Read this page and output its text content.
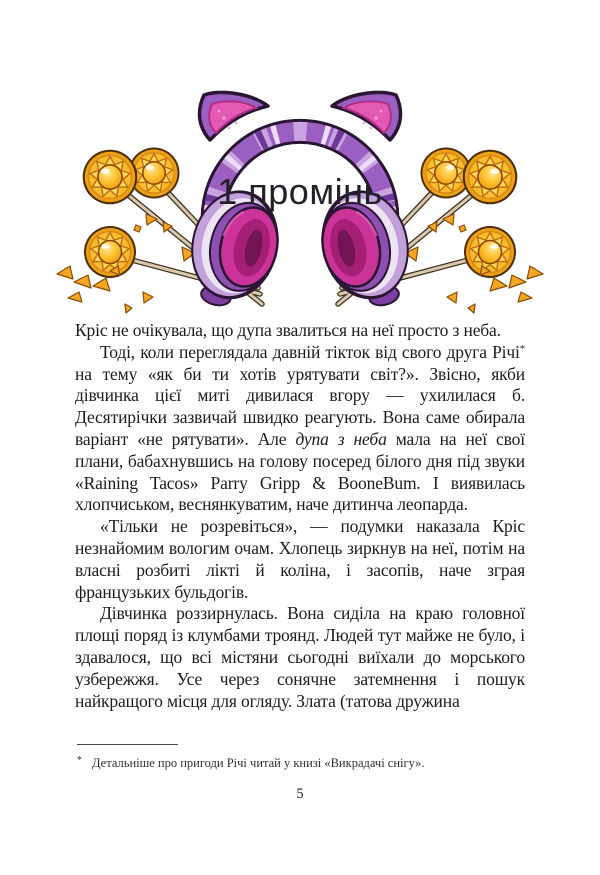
1 промінь

Кріс не очікувала, що дупа звалиться на неї просто з неба.

Тоді, коли переглядала давній тікток від свого друга Річі* на тему «як би ти хотів урятувати світ?». Звісно, якби дівчинка цієї миті дивилася вгору — ухилилася б. Десятирічки зазвичай швидко реагують. Вона саме обирала варіант «не рятувати». Але дупа з неба мала на неї свої плани, бабахнувшись на голову посеред білого дня під звуки «Raining Tacos» Parry Gripp & BooneBum. І виявилась хлопчиськом, веснянкуватим, наче дитинча леопарда.

«Тільки не розревіться», — подумки наказала Кріс незнайомим вологим очам. Хлопець зиркнув на неї, потім на власні розбиті лікті й коліна, і засопів, наче зграя французьких бульдогів.

Дівчинка роззирнулась. Вона сиділа на краю головної площі поряд із клумбами троянд. Людей тут майже не було, і здавалося, що всі містяни сьогодні виїхали до морського узбережжя. Усе через сонячне затемнення і пошук найкращого місця для огляду. Злата (татова дружина

* Детальніше про пригоди Річі читай у книзі «Викрадачі снігу».
5
